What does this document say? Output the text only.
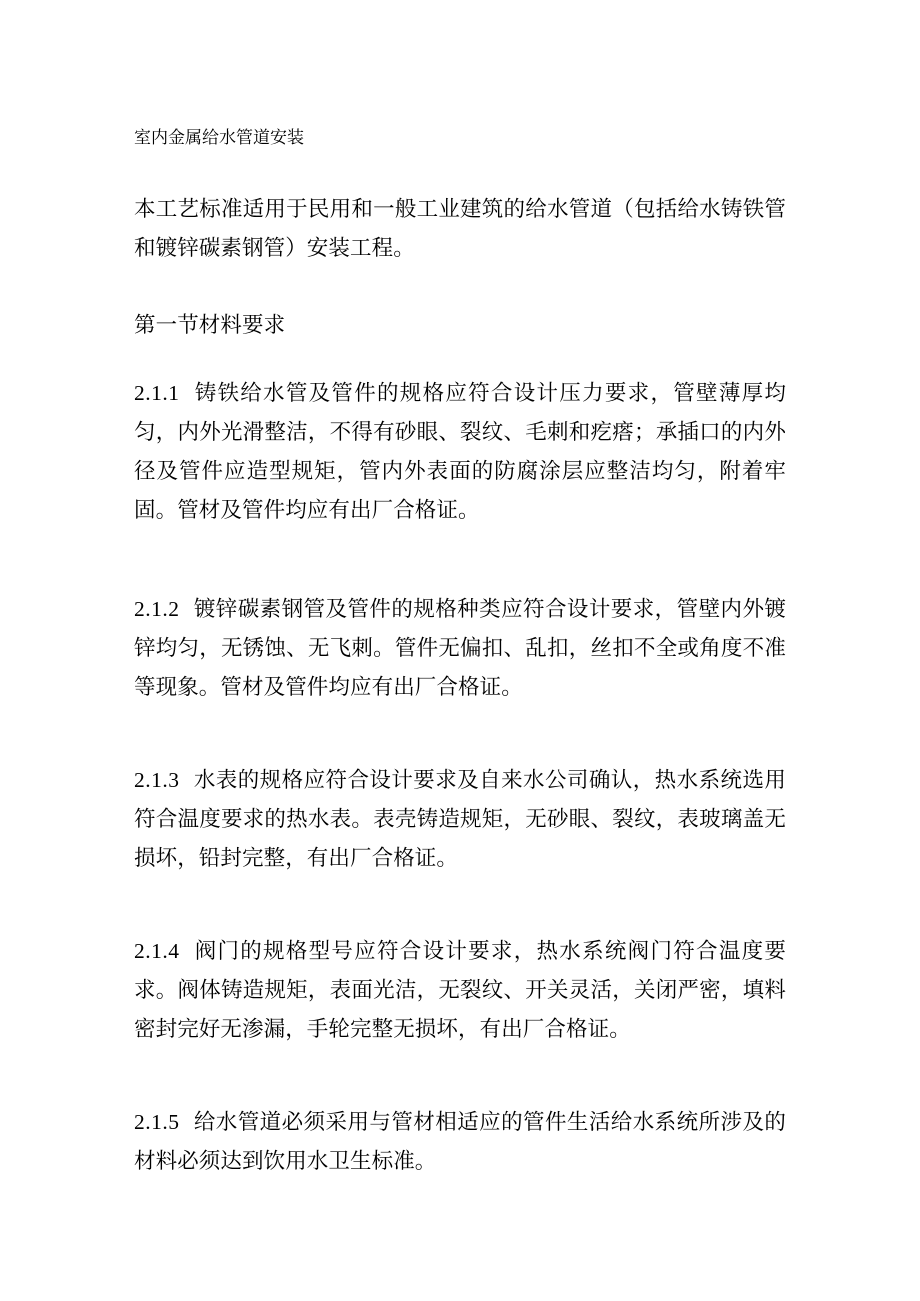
室内金属给水管道安装

本工艺标准适用于民用和一般工业建筑的给水管道（包括给水铸铁管和镀锌碳素钢管）安装工程。

第一节材料要求

2.1.1 铸铁给水管及管件的规格应符合设计压力要求，管壁薄厚均匀，内外光滑整洁，不得有砂眼、裂纹、毛刺和疙瘩；承插口的内外径及管件应造型规矩，管内外表面的防腐涂层应整洁均匀，附着牢固。管材及管件均应有出厂合格证。

2.1.2 镀锌碳素钢管及管件的规格种类应符合设计要求，管壁内外镀锌均匀，无锈蚀、无飞刺。管件无偏扣、乱扣，丝扣不全或角度不准等现象。管材及管件均应有出厂合格证。

2.1.3 水表的规格应符合设计要求及自来水公司确认，热水系统选用符合温度要求的热水表。表壳铸造规矩，无砂眼、裂纹，表玻璃盖无损坏，铅封完整，有出厂合格证。

2.1.4 阀门的规格型号应符合设计要求，热水系统阀门符合温度要求。阀体铸造规矩，表面光洁，无裂纹、开关灵活，关闭严密，填料密封完好无渗漏，手轮完整无损坏，有出厂合格证。

2.1.5 给水管道必须采用与管材相适应的管件生活给水系统所涉及的材料必须达到饮用水卫生标准。
